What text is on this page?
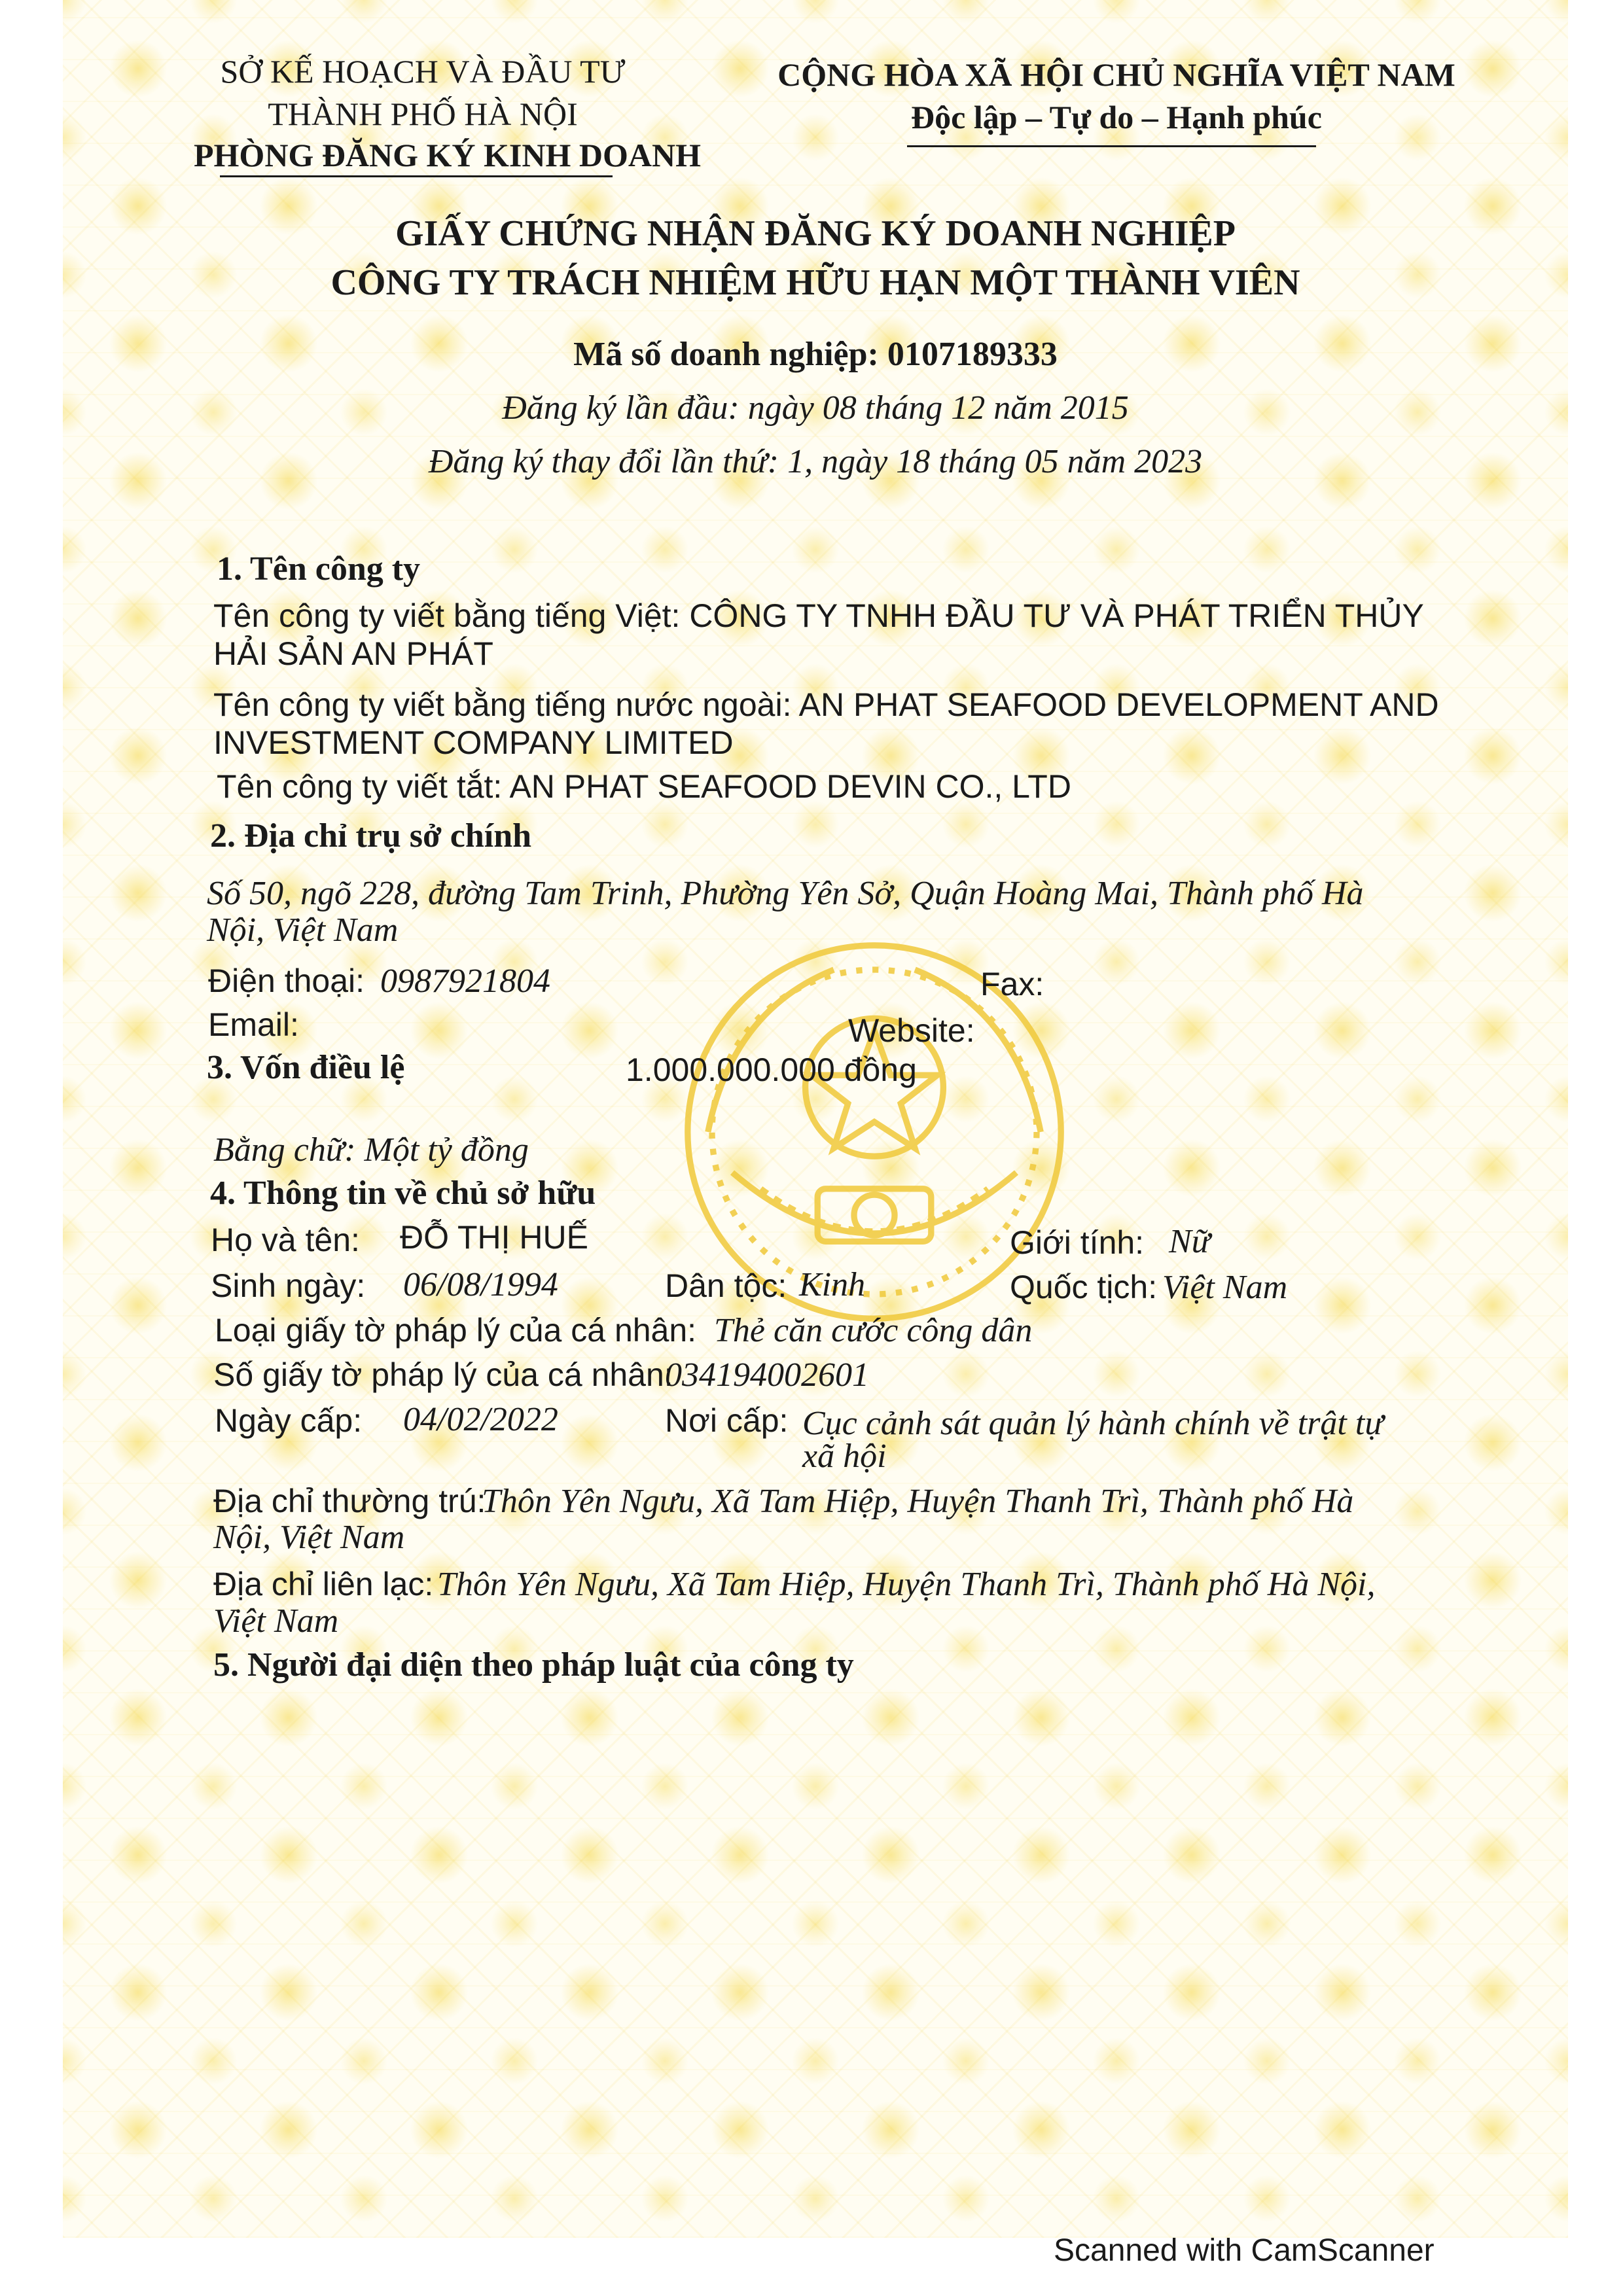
SỞ KẾ HOẠCH VÀ ĐẦU TƯ
THÀNH PHỐ HÀ NỘI
PHÒNG ĐĂNG KÝ KINH DOANH
CỘNG HÒA XÃ HỘI CHỦ NGHĨA VIỆT NAM
Độc lập – Tự do – Hạnh phúc
GIẤY CHỨNG NHẬN ĐĂNG KÝ DOANH NGHIỆP
CÔNG TY TRÁCH NHIỆM HỮU HẠN MỘT THÀNH VIÊN
Mã số doanh nghiệp: 0107189333
Đăng ký lần đầu: ngày 08 tháng 12 năm 2015
Đăng ký thay đổi lần thứ: 1, ngày 18 tháng 05 năm 2023
1. Tên công ty
Tên công ty viết bằng tiếng Việt: CÔNG TY TNHH ĐẦU TƯ VÀ PHÁT TRIỂN THỦY
HẢI SẢN AN PHÁT
Tên công ty viết bằng tiếng nước ngoài: AN PHAT SEAFOOD DEVELOPMENT AND
INVESTMENT COMPANY LIMITED
Tên công ty viết tắt: AN PHAT SEAFOOD DEVIN CO., LTD
2. Địa chỉ trụ sở chính
Số 50, ngõ 228, đường Tam Trinh, Phường Yên Sở, Quận Hoàng Mai, Thành phố Hà
Nội, Việt Nam
Điện thoại: 0987921804	Fax:
Email:	Website:
3. Vốn điều lệ	1.000.000.000 đồng
Bằng chữ: Một tỷ đồng
4. Thông tin về chủ sở hữu
Họ và tên: ĐỖ THỊ HUẾ	Giới tính: Nữ
Sinh ngày: 06/08/1994	Dân tộc: Kinh	Quốc tịch: Việt Nam
Loại giấy tờ pháp lý của cá nhân: Thẻ căn cước công dân
Số giấy tờ pháp lý của cá nhân:
034194002601
Ngày cấp: 04/02/2022	Nơi cấp: Cục cảnh sát quản lý hành chính về trật tự
xã hội
Địa chỉ thường trú:
Thôn Yên Ngưu, Xã Tam Hiệp, Huyện Thanh Trì, Thành phố Hà
Nội, Việt Nam
Địa chỉ liên lạc: Thôn Yên Ngưu, Xã Tam Hiệp, Huyện Thanh Trì, Thành phố Hà Nội,
Việt Nam
5. Người đại diện theo pháp luật của công ty
Scanned with CamScanner
